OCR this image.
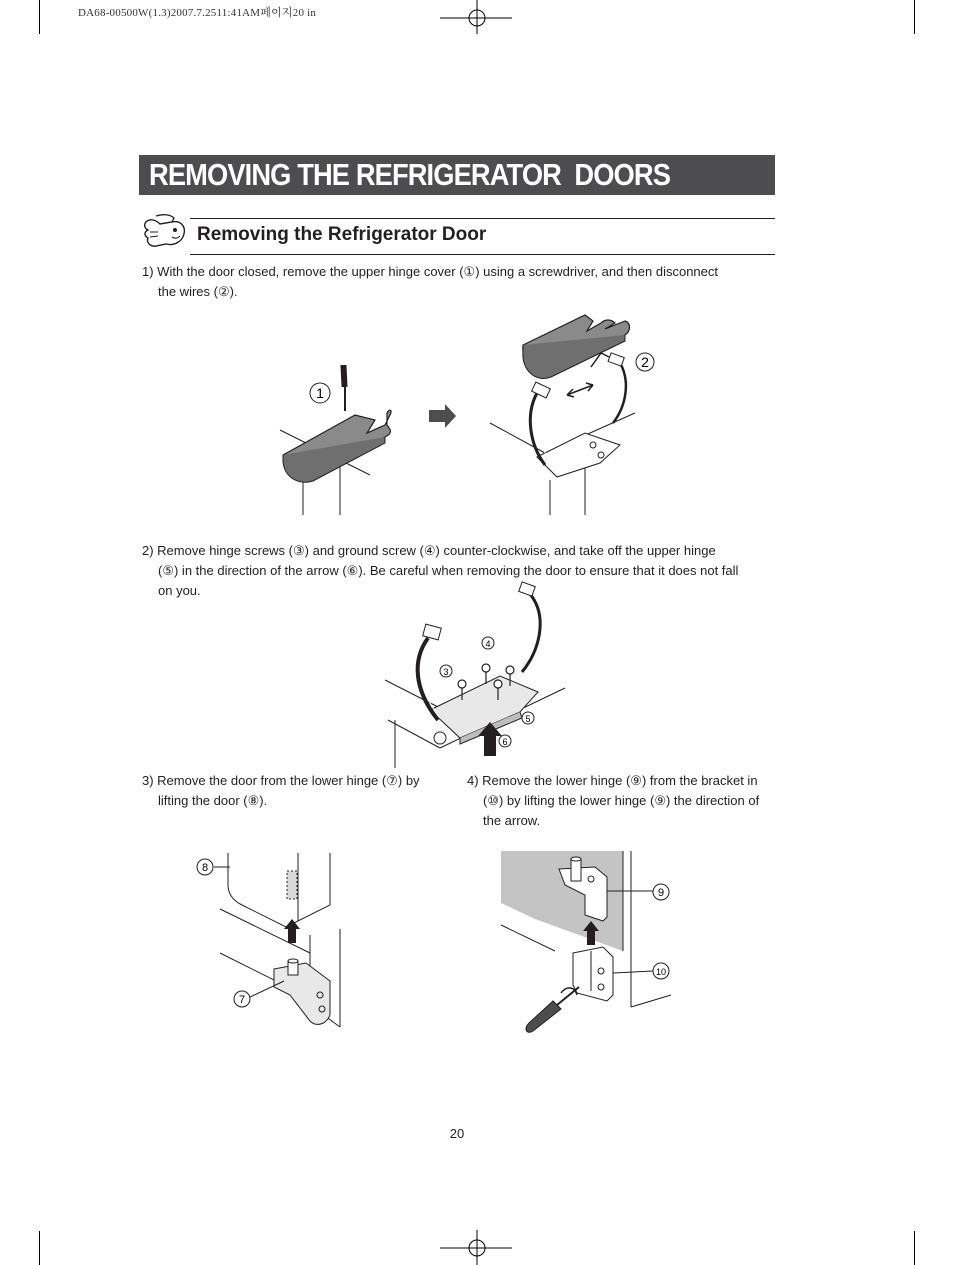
DA68-00500W(1.3)2007.7.2511:41AM페이지20 in
REMOVING THE REFRIGERATOR  DOORS
Removing the Refrigerator Door

1) With the door closed, remove the upper hinge cover (①) using a screwdriver, and then disconnect

the wires (②).

1
2

2) Remove hinge screws (③) and ground screw (④) counter-clockwise, and take off the upper hinge

(⑤) in the direction of the arrow (⑥). Be careful when removing the door to ensure that it does not fall

on you.

4
3
5
6

3) Remove the door from the lower hinge (⑦) by

lifting the door (⑧).

4) Remove the lower hinge (⑨) from the bracket in

(⑩) by lifting the lower hinge (⑨) the direction of

the arrow.

8
7
9
10
20
